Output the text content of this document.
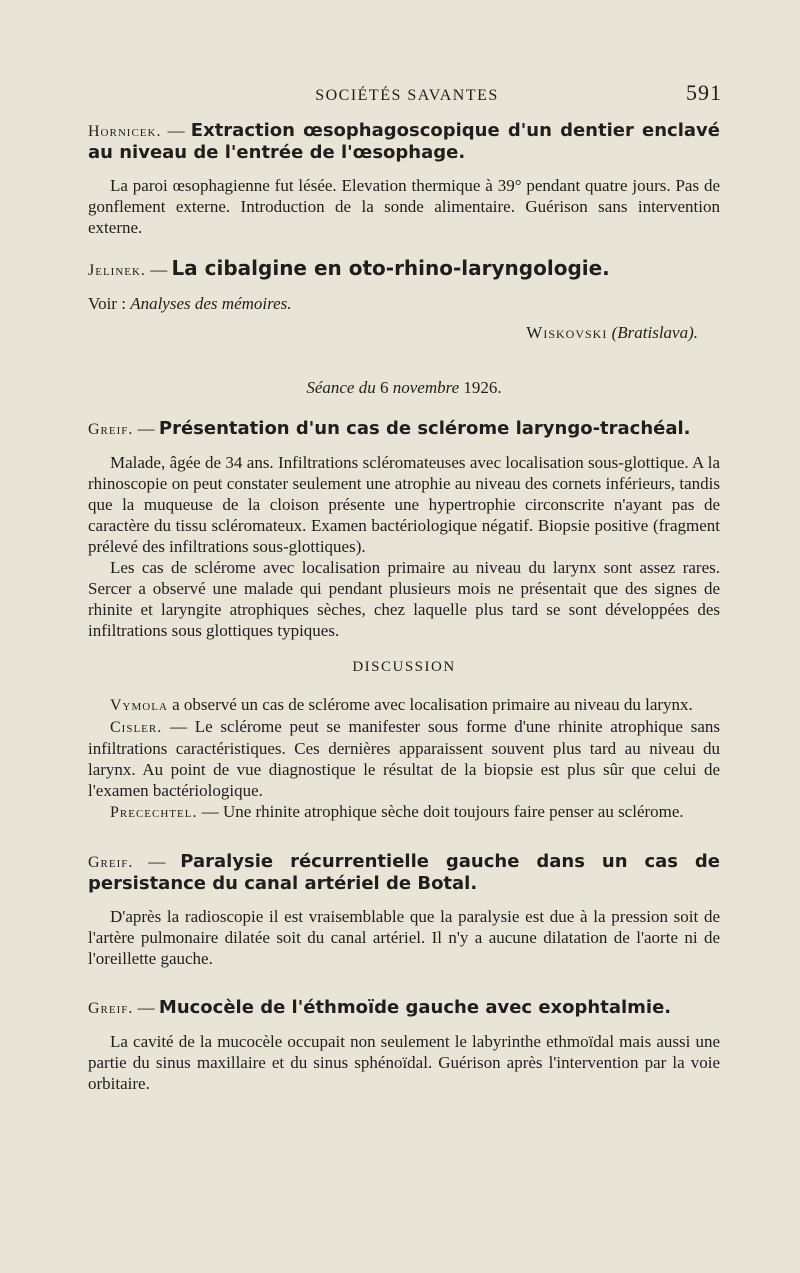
SOCIÉTÉS SAVANTES	591

Hornicek. — Extraction œsophagoscopique d'un dentier enclavé au niveau de l'entrée de l'œsophage.

La paroi œsophagienne fut lésée. Elevation thermique à 39° pendant quatre jours. Pas de gonflement externe. Introduction de la sonde alimentaire. Guérison sans intervention externe.

Jelinek. — La cibalgine en oto-rhino-laryngologie.

Voir : Analyses des mémoires.

Wiskovski (Bratislava).

Séance du 6 novembre 1926.

Greif. — Présentation d'un cas de sclérome laryngo-trachéal.

Malade, âgée de 34 ans. Infiltrations scléromateuses avec localisation sous-glottique. A la rhinoscopie on peut constater seulement une atrophie au niveau des cornets inférieurs, tandis que la muqueuse de la cloison présente une hypertrophie circonscrite n'ayant pas de caractère du tissu scléromateux. Examen bactériologique négatif. Biopsie positive (fragment prélevé des infiltrations sous-glottiques).

Les cas de sclérome avec localisation primaire au niveau du larynx sont assez rares. Sercer a observé une malade qui pendant plusieurs mois ne présentait que des signes de rhinite et laryngite atrophiques sèches, chez laquelle plus tard se sont développées des infiltrations sous glottiques typiques.

DISCUSSION

Vymola a observé un cas de sclérome avec localisation primaire au niveau du larynx.

Cisler. — Le sclérome peut se manifester sous forme d'une rhinite atrophique sans infiltrations caractéristiques. Ces dernières apparaissent souvent plus tard au niveau du larynx. Au point de vue diagnostique le résultat de la biopsie est plus sûr que celui de l'examen bactériologique.

Precechtel. — Une rhinite atrophique sèche doit toujours faire penser au sclérome.

Greif. — Paralysie récurrentielle gauche dans un cas de persistance du canal artériel de Botal.

D'après la radioscopie il est vraisemblable que la paralysie est due à la pression soit de l'artère pulmonaire dilatée soit du canal artériel. Il n'y a aucune dilatation de l'aorte ni de l'oreillette gauche.

Greif. — Mucocèle de l'éthmoïde gauche avec exophtalmie.

La cavité de la mucocèle occupait non seulement le labyrinthe ethmoïdal mais aussi une partie du sinus maxillaire et du sinus sphénoïdal. Guérison après l'intervention par la voie orbitaire.
